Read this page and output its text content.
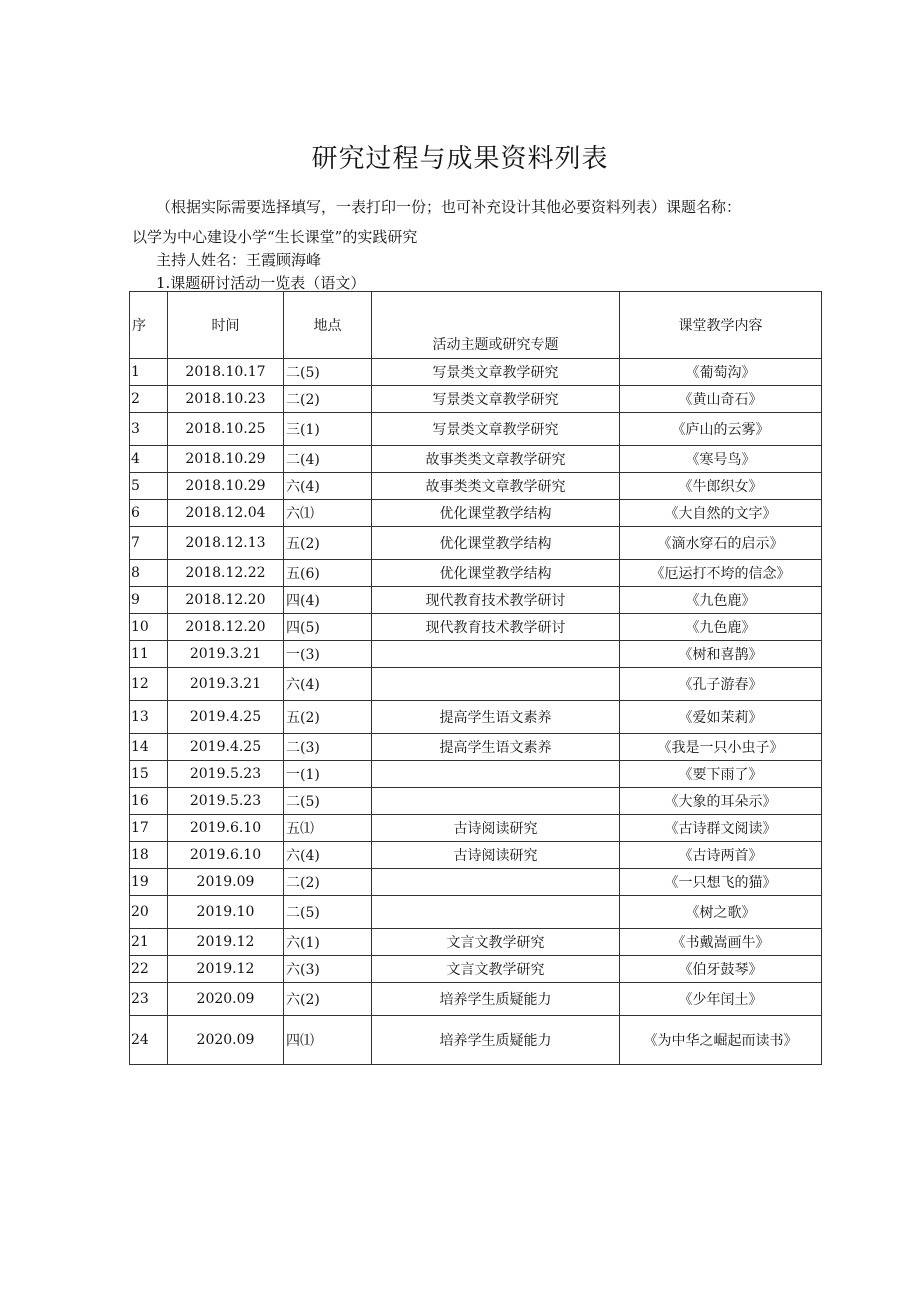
研究过程与成果资料列表
（根据实际需要选择填写，一表打印一份；也可补充设计其他必要资料列表）课题名称：
以学为中心建设小学“生长课堂”的实践研究
主持人姓名：王霞顾海峰
1.课题研讨活动一览表（语文）
序	时间	地点	活动主题或研究专题	课堂教学内容
1	2018.10.17	二(5)	写景类文章教学研究	《葡萄沟》
2	2018.10.23	二(2)	写景类文章教学研究	《黄山奇石》
3	2018.10.25	三(1)	写景类文章教学研究	《庐山的云雾》
4	2018.10.29	二(4)	故事类类文章教学研究	《寒号鸟》
5	2018.10.29	六(4)	故事类类文章教学研究	《牛郎织女》
6	2018.12.04	六⑴	优化课堂教学结构	《大自然的文字》
7	2018.12.13	五(2)	优化课堂教学结构	《滴水穿石的启示》
8	2018.12.22	五(6)	优化课堂教学结构	《厄运打不垮的信念》
9	2018.12.20	四(4)	现代教育技术教学研讨	《九色鹿》
10	2018.12.20	四(5)	现代教育技术教学研讨	《九色鹿》
11	2019.3.21	一(3)		《树和喜鹊》
12	2019.3.21	六(4)		《孔子游春》
13	2019.4.25	五(2)	提高学生语文素养	《爱如茉莉》
14	2019.4.25	二(3)	提高学生语文素养	《我是一只小虫子》
15	2019.5.23	一(1)		《要下雨了》
16	2019.5.23	二(5)		《大象的耳朵示》
17	2019.6.10	五⑴	古诗阅读研究	《古诗群文阅读》
18	2019.6.10	六(4)	古诗阅读研究	《古诗两首》
19	2019.09	二(2)		《一只想飞的猫》
20	2019.10	二(5)		《树之歌》
21	2019.12	六(1)	文言文教学研究	《书戴嵩画牛》
22	2019.12	六(3)	文言文教学研究	《伯牙鼓琴》
23	2020.09	六(2)	培养学生质疑能力	《少年闰土》
24	2020.09	四⑴	培养学生质疑能力	《为中华之崛起而读书》
